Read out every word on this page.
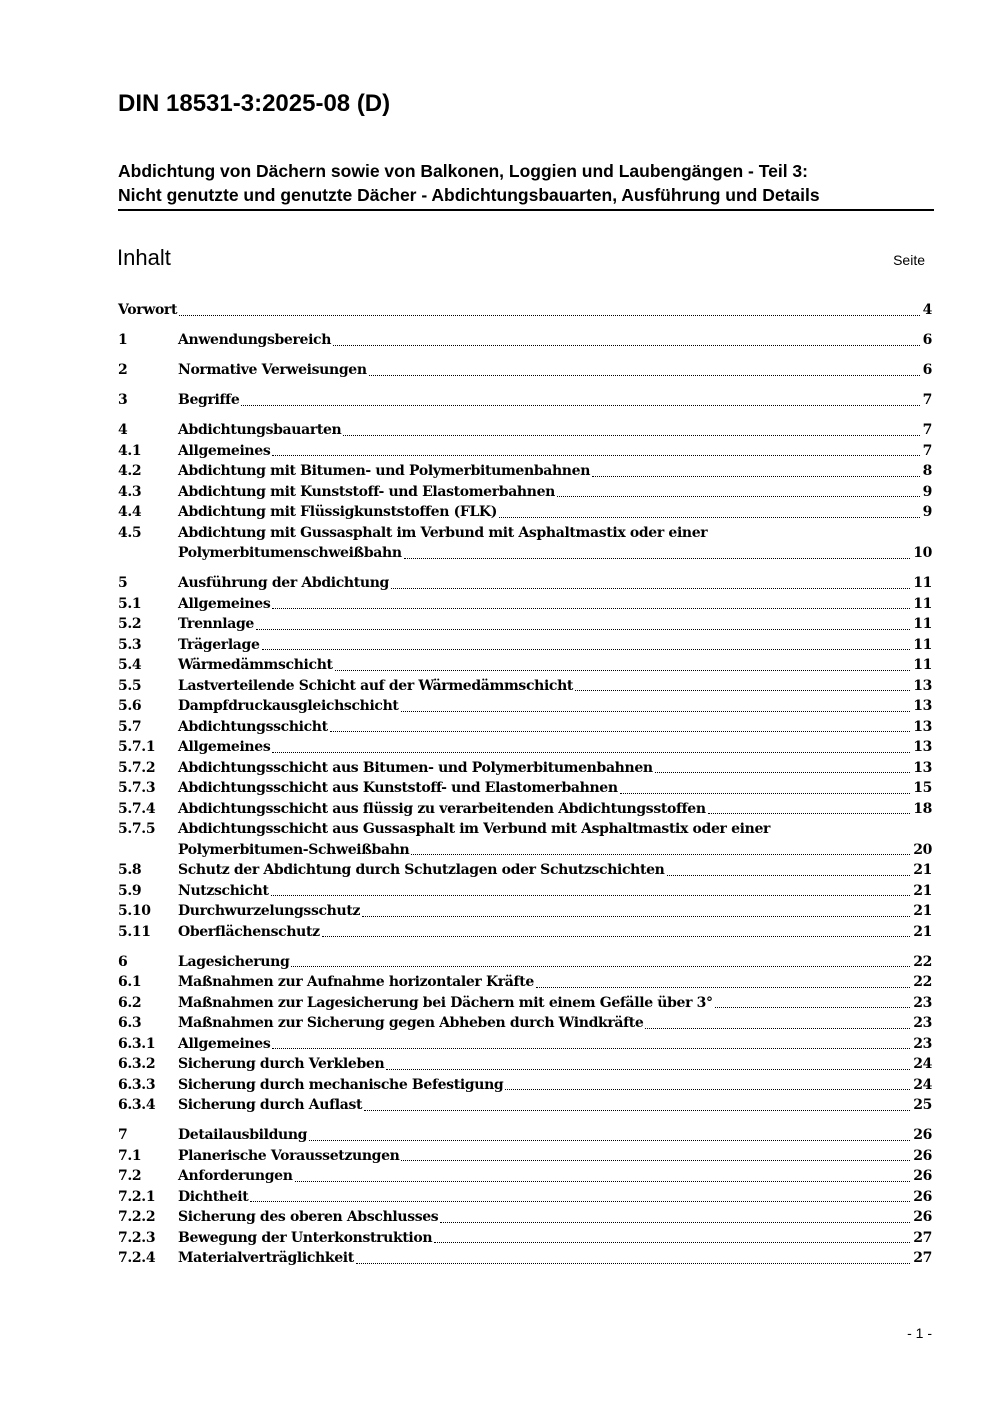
DIN 18531-3:2025-08 (D)
Abdichtung von Dächern sowie von Balkonen, Loggien und Laubengängen - Teil 3:
Nicht genutzte und genutzte Dächer - Abdichtungsbauarten, Ausführung und Details
Inhalt	Seite
Vorwort	4
1	Anwendungsbereich	6
2	Normative Verweisungen	6
3	Begriffe	7
4	Abdichtungsbauarten	7
4.1	Allgemeines	7
4.2	Abdichtung mit Bitumen- und Polymerbitumenbahnen	8
4.3	Abdichtung mit Kunststoff- und Elastomerbahnen	9
4.4	Abdichtung mit Flüssigkunststoffen (FLK)	9
4.5	Abdichtung mit Gussasphalt im Verbund mit Asphaltmastix oder einer
Polymerbitumenschweißbahn	10
5	Ausführung der Abdichtung	11
5.1	Allgemeines	11
5.2	Trennlage	11
5.3	Trägerlage	11
5.4	Wärmedämmschicht	11
5.5	Lastverteilende Schicht auf der Wärmedämmschicht	13
5.6	Dampfdruckausgleichschicht	13
5.7	Abdichtungsschicht	13
5.7.1	Allgemeines	13
5.7.2	Abdichtungsschicht aus Bitumen- und Polymerbitumenbahnen	13
5.7.3	Abdichtungsschicht aus Kunststoff- und Elastomerbahnen	15
5.7.4	Abdichtungsschicht aus flüssig zu verarbeitenden Abdichtungsstoffen	18
5.7.5	Abdichtungsschicht aus Gussasphalt im Verbund mit Asphaltmastix oder einer
Polymerbitumen-Schweißbahn	20
5.8	Schutz der Abdichtung durch Schutzlagen oder Schutzschichten	21
5.9	Nutzschicht	21
5.10	Durchwurzelungsschutz	21
5.11	Oberflächenschutz	21
6	Lagesicherung	22
6.1	Maßnahmen zur Aufnahme horizontaler Kräfte	22
6.2	Maßnahmen zur Lagesicherung bei Dächern mit einem Gefälle über 3°	23
6.3	Maßnahmen zur Sicherung gegen Abheben durch Windkräfte	23
6.3.1	Allgemeines	23
6.3.2	Sicherung durch Verkleben	24
6.3.3	Sicherung durch mechanische Befestigung	24
6.3.4	Sicherung durch Auflast	25
7	Detailausbildung	26
7.1	Planerische Voraussetzungen	26
7.2	Anforderungen	26
7.2.1	Dichtheit	26
7.2.2	Sicherung des oberen Abschlusses	26
7.2.3	Bewegung der Unterkonstruktion	27
7.2.4	Materialverträglichkeit	27
- 1 -
